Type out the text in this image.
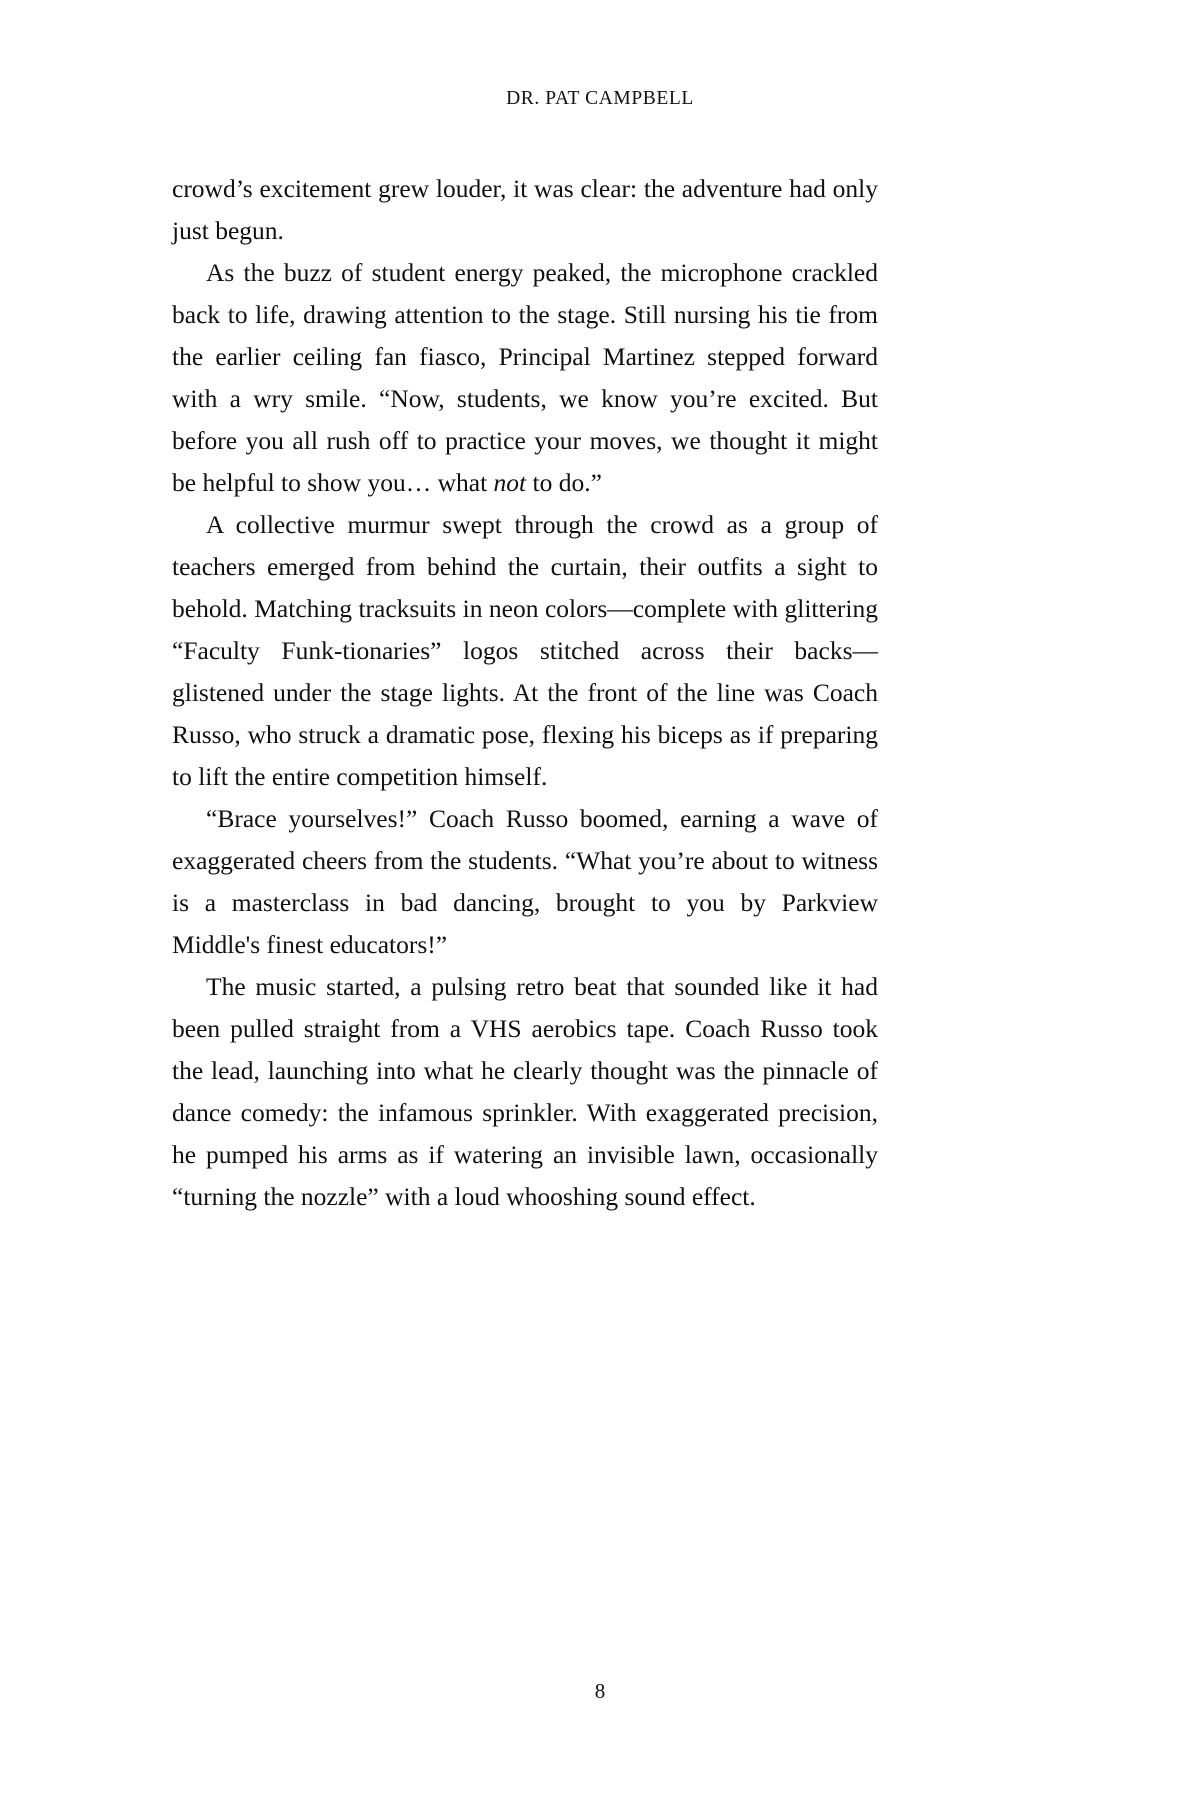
DR. PAT CAMPBELL

crowd’s excitement grew louder, it was clear: the adventure had only just begun.

As the buzz of student energy peaked, the microphone crackled back to life, drawing attention to the stage. Still nursing his tie from the earlier ceiling fan fiasco, Principal Martinez stepped forward with a wry smile. “Now, students, we know you’re excited. But before you all rush off to practice your moves, we thought it might be helpful to show you… what not to do.”

A collective murmur swept through the crowd as a group of teachers emerged from behind the curtain, their outfits a sight to behold. Matching tracksuits in neon colors—complete with glittering “Faculty Funk-tionaries” logos stitched across their backs—glistened under the stage lights. At the front of the line was Coach Russo, who struck a dramatic pose, flexing his biceps as if preparing to lift the entire competition himself.

“Brace yourselves!” Coach Russo boomed, earning a wave of exaggerated cheers from the students. “What you’re about to witness is a masterclass in bad dancing, brought to you by Parkview Middle's finest educators!”

The music started, a pulsing retro beat that sounded like it had been pulled straight from a VHS aerobics tape. Coach Russo took the lead, launching into what he clearly thought was the pinnacle of dance comedy: the infamous sprinkler. With exaggerated precision, he pumped his arms as if watering an invisible lawn, occasionally “turning the nozzle” with a loud whooshing sound effect.

8
